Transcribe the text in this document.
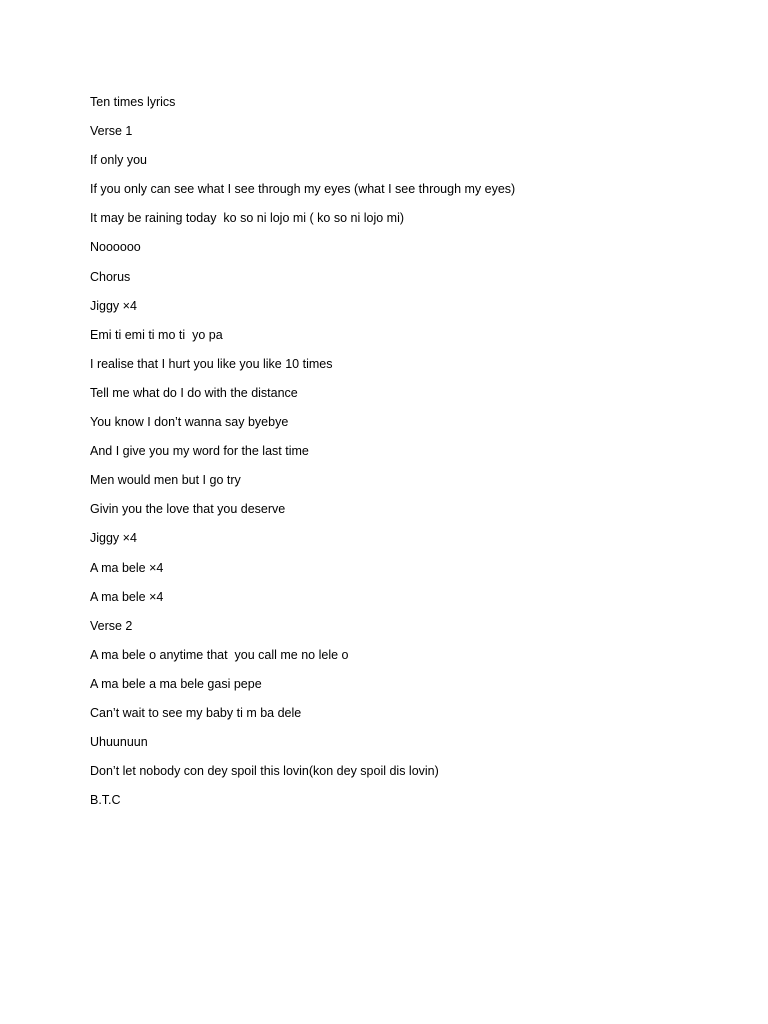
Ten times lyrics
Verse 1
If only you
If you only can see what I see through my eyes (what I see through my eyes)
It may be raining today  ko so ni lojo mi ( ko so ni lojo mi)
Noooooo
Chorus
Jiggy ×4
Emi ti emi ti mo ti  yo pa
I realise that I hurt you like you like 10 times
Tell me what do I do with the distance
You know I don’t wanna say byebye
And I give you my word for the last time
Men would men but I go try
Givin you the love that you deserve
Jiggy ×4
A ma bele ×4
A ma bele ×4
Verse 2
A ma bele o anytime that  you call me no lele o
A ma bele a ma bele gasi pepe
Can’t wait to see my baby ti m ba dele
Uhuunuun
Don’t let nobody con dey spoil this lovin(kon dey spoil dis lovin)
B.T.C
